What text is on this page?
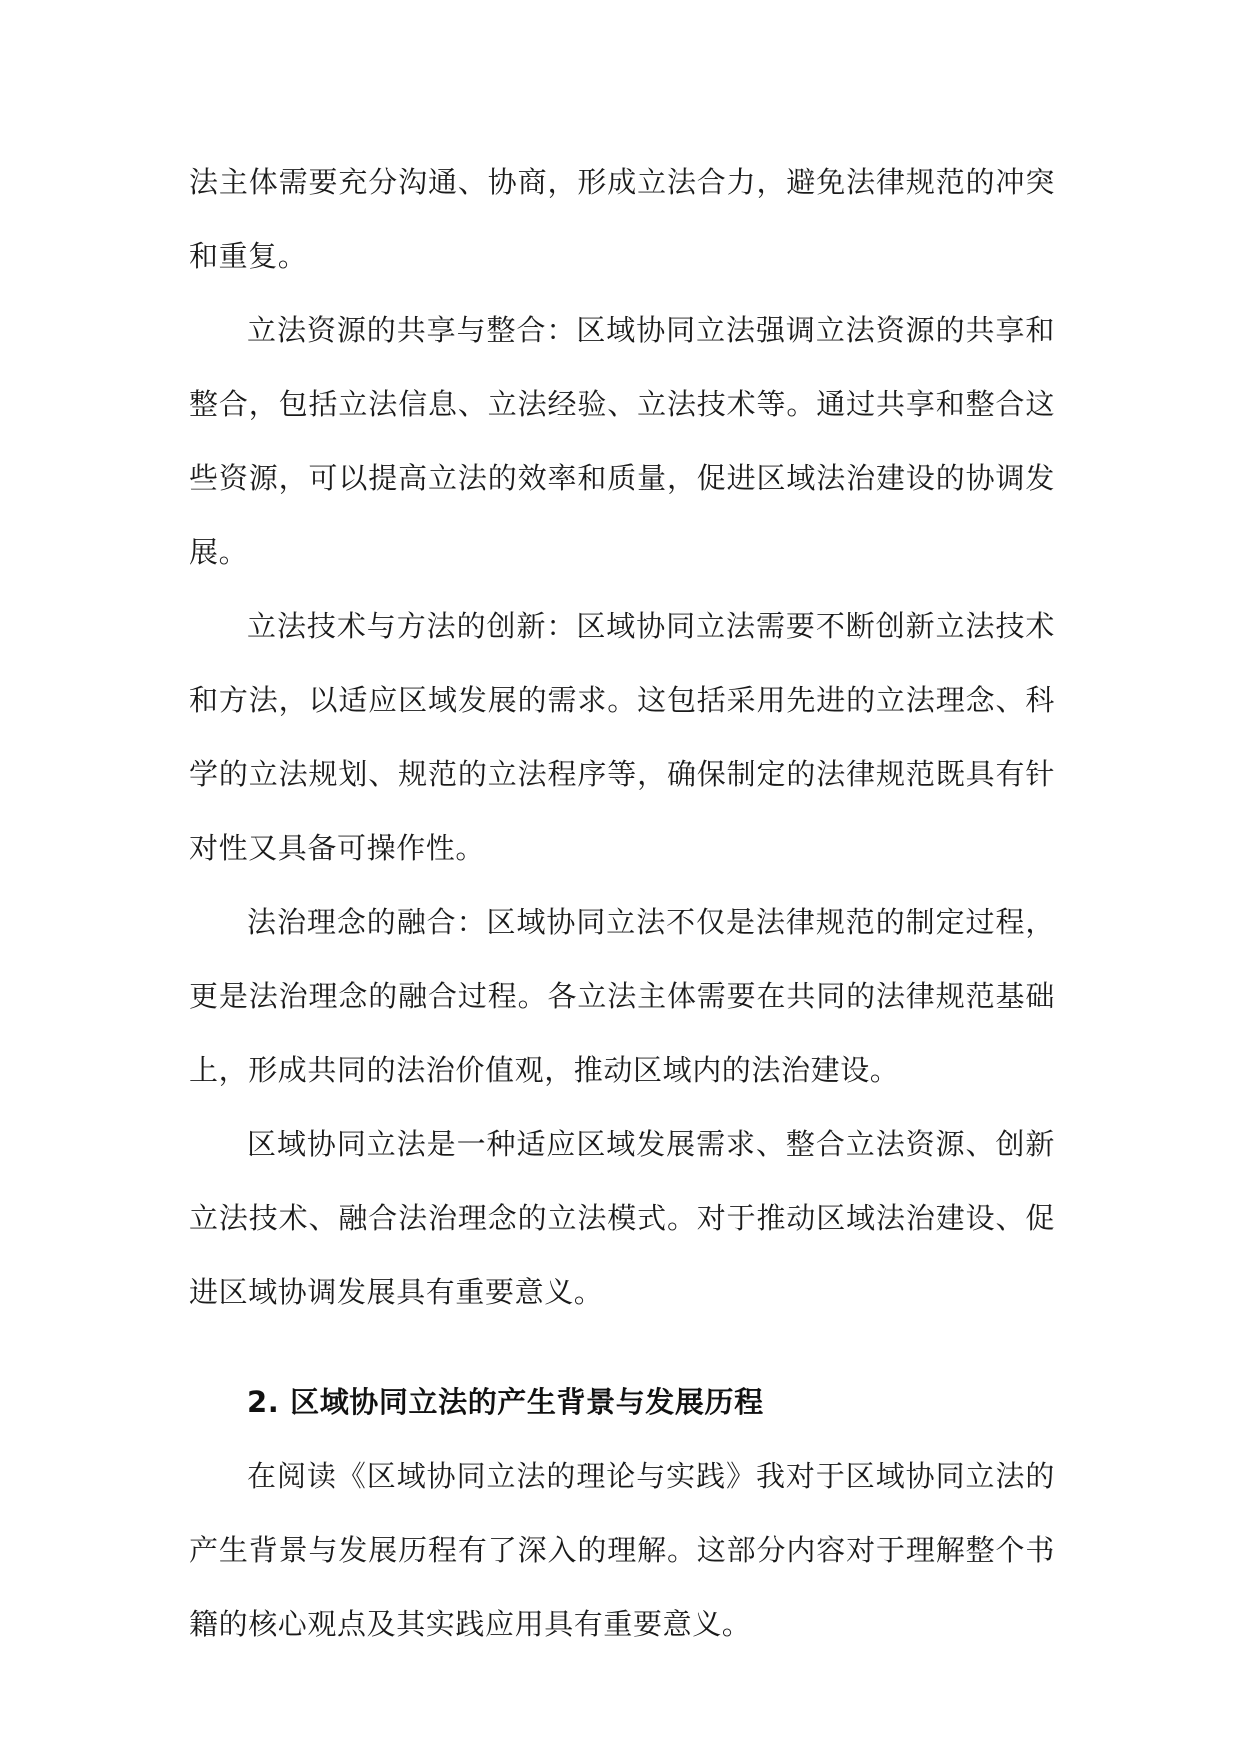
法主体需要充分沟通、协商，形成立法合力，避免法律规范的冲突和重复。

立法资源的共享与整合：区域协同立法强调立法资源的共享和整合，包括立法信息、立法经验、立法技术等。通过共享和整合这些资源，可以提高立法的效率和质量，促进区域法治建设的协调发展。

立法技术与方法的创新：区域协同立法需要不断创新立法技术和方法，以适应区域发展的需求。这包括采用先进的立法理念、科学的立法规划、规范的立法程序等，确保制定的法律规范既具有针对性又具备可操作性。

法治理念的融合：区域协同立法不仅是法律规范的制定过程，更是法治理念的融合过程。各立法主体需要在共同的法律规范基础上，形成共同的法治价值观，推动区域内的法治建设。

区域协同立法是一种适应区域发展需求、整合立法资源、创新立法技术、融合法治理念的立法模式。对于推动区域法治建设、促进区域协调发展具有重要意义。

2. 区域协同立法的产生背景与发展历程

在阅读《区域协同立法的理论与实践》我对于区域协同立法的产生背景与发展历程有了深入的理解。这部分内容对于理解整个书籍的核心观点及其实践应用具有重要意义。
